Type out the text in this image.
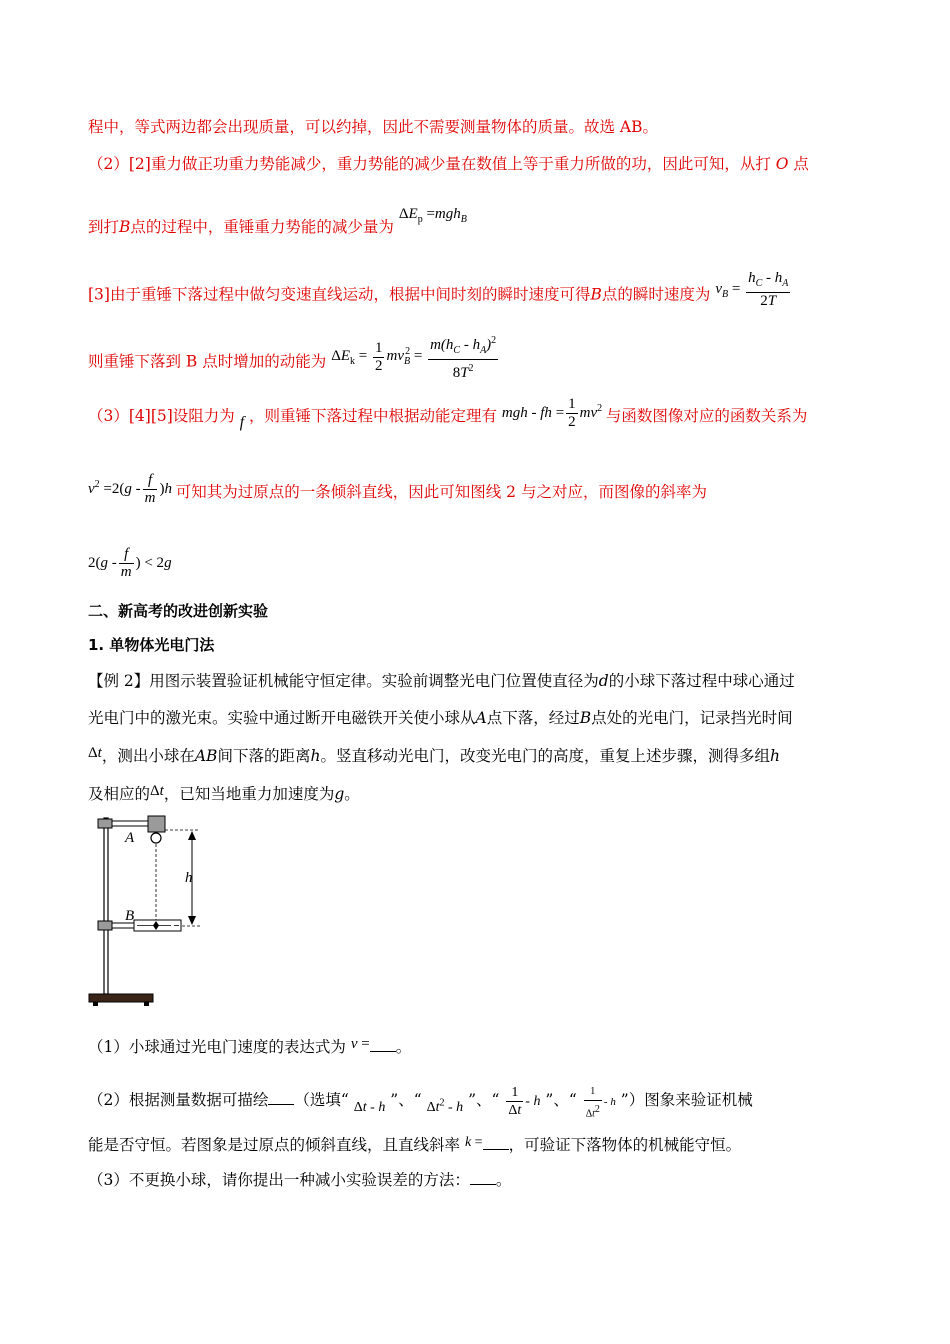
程中，等式两边都会出现质量，可以约掉，因此不需要测量物体的质量。故选 AB。
（2）[2]重力做正功重力势能减少，重力势能的减少量在数值上等于重力所做的功，因此可知，从打 O 点
到打B点的过程中，重锤重力势能的减少量为 $\Delta E_p =mgh_B$
[3]由于重锤下落过程中做匀变速直线运动，根据中间时刻的瞬时速度可得B点的瞬时速度为 $v_B = \frac{h_C - h_A}{2T}$
则重锤下落到 B 点时增加的动能为 $\Delta E_k = \frac{1}{2} mv_B^2 = \frac{m(h_C - h_A)^2}{8T^2}$
（3）[4][5]设阻力为 f ，则重锤下落过程中根据动能定理有 mgh - fh = $\frac{1}{2} mv^2$ 与函数图像对应的函数关系为
$v^2 =2(g - \frac{f}{m} )h$ 可知其为过原点的一条倾斜直线，因此可知图线 2 与之对应，而图像的斜率为
$2(g - \frac{f}{m}$ ) < 2g
二、新高考的改进创新实验
1. 单物体光电门法
【例 2】用图示装置验证机械能守恒定律。实验前调整光电门位置使直径为d的小球下落过程中球心通过
光电门中的激光束。实验中通过断开电磁铁开关使小球从A点下落，经过B点处的光电门，记录挡光时间
Δt，测出小球在AB间下落的距离h。竖直移动光电门，改变光电门的高度，重复上述步骤，测得多组h
及相应的Δt，已知当地重力加速度为g。
A
B
h
（1）小球通过光电门速度的表达式为 v = 。
（2）根据测量数据可描绘 （选填“ Δt - h ”、“ $\Delta t^2$ - h ”、“ $\frac{1}{\Delta t}$ - h ”、“ $\frac{1}{\Delta t2}$ - h ”）图象来验证机械
能是否守恒。若图象是过原点的倾斜直线，且直线斜率 k = ，可验证下落物体的机械能守恒。
（3）不更换小球，请你提出一种减小实验误差的方法： 。
